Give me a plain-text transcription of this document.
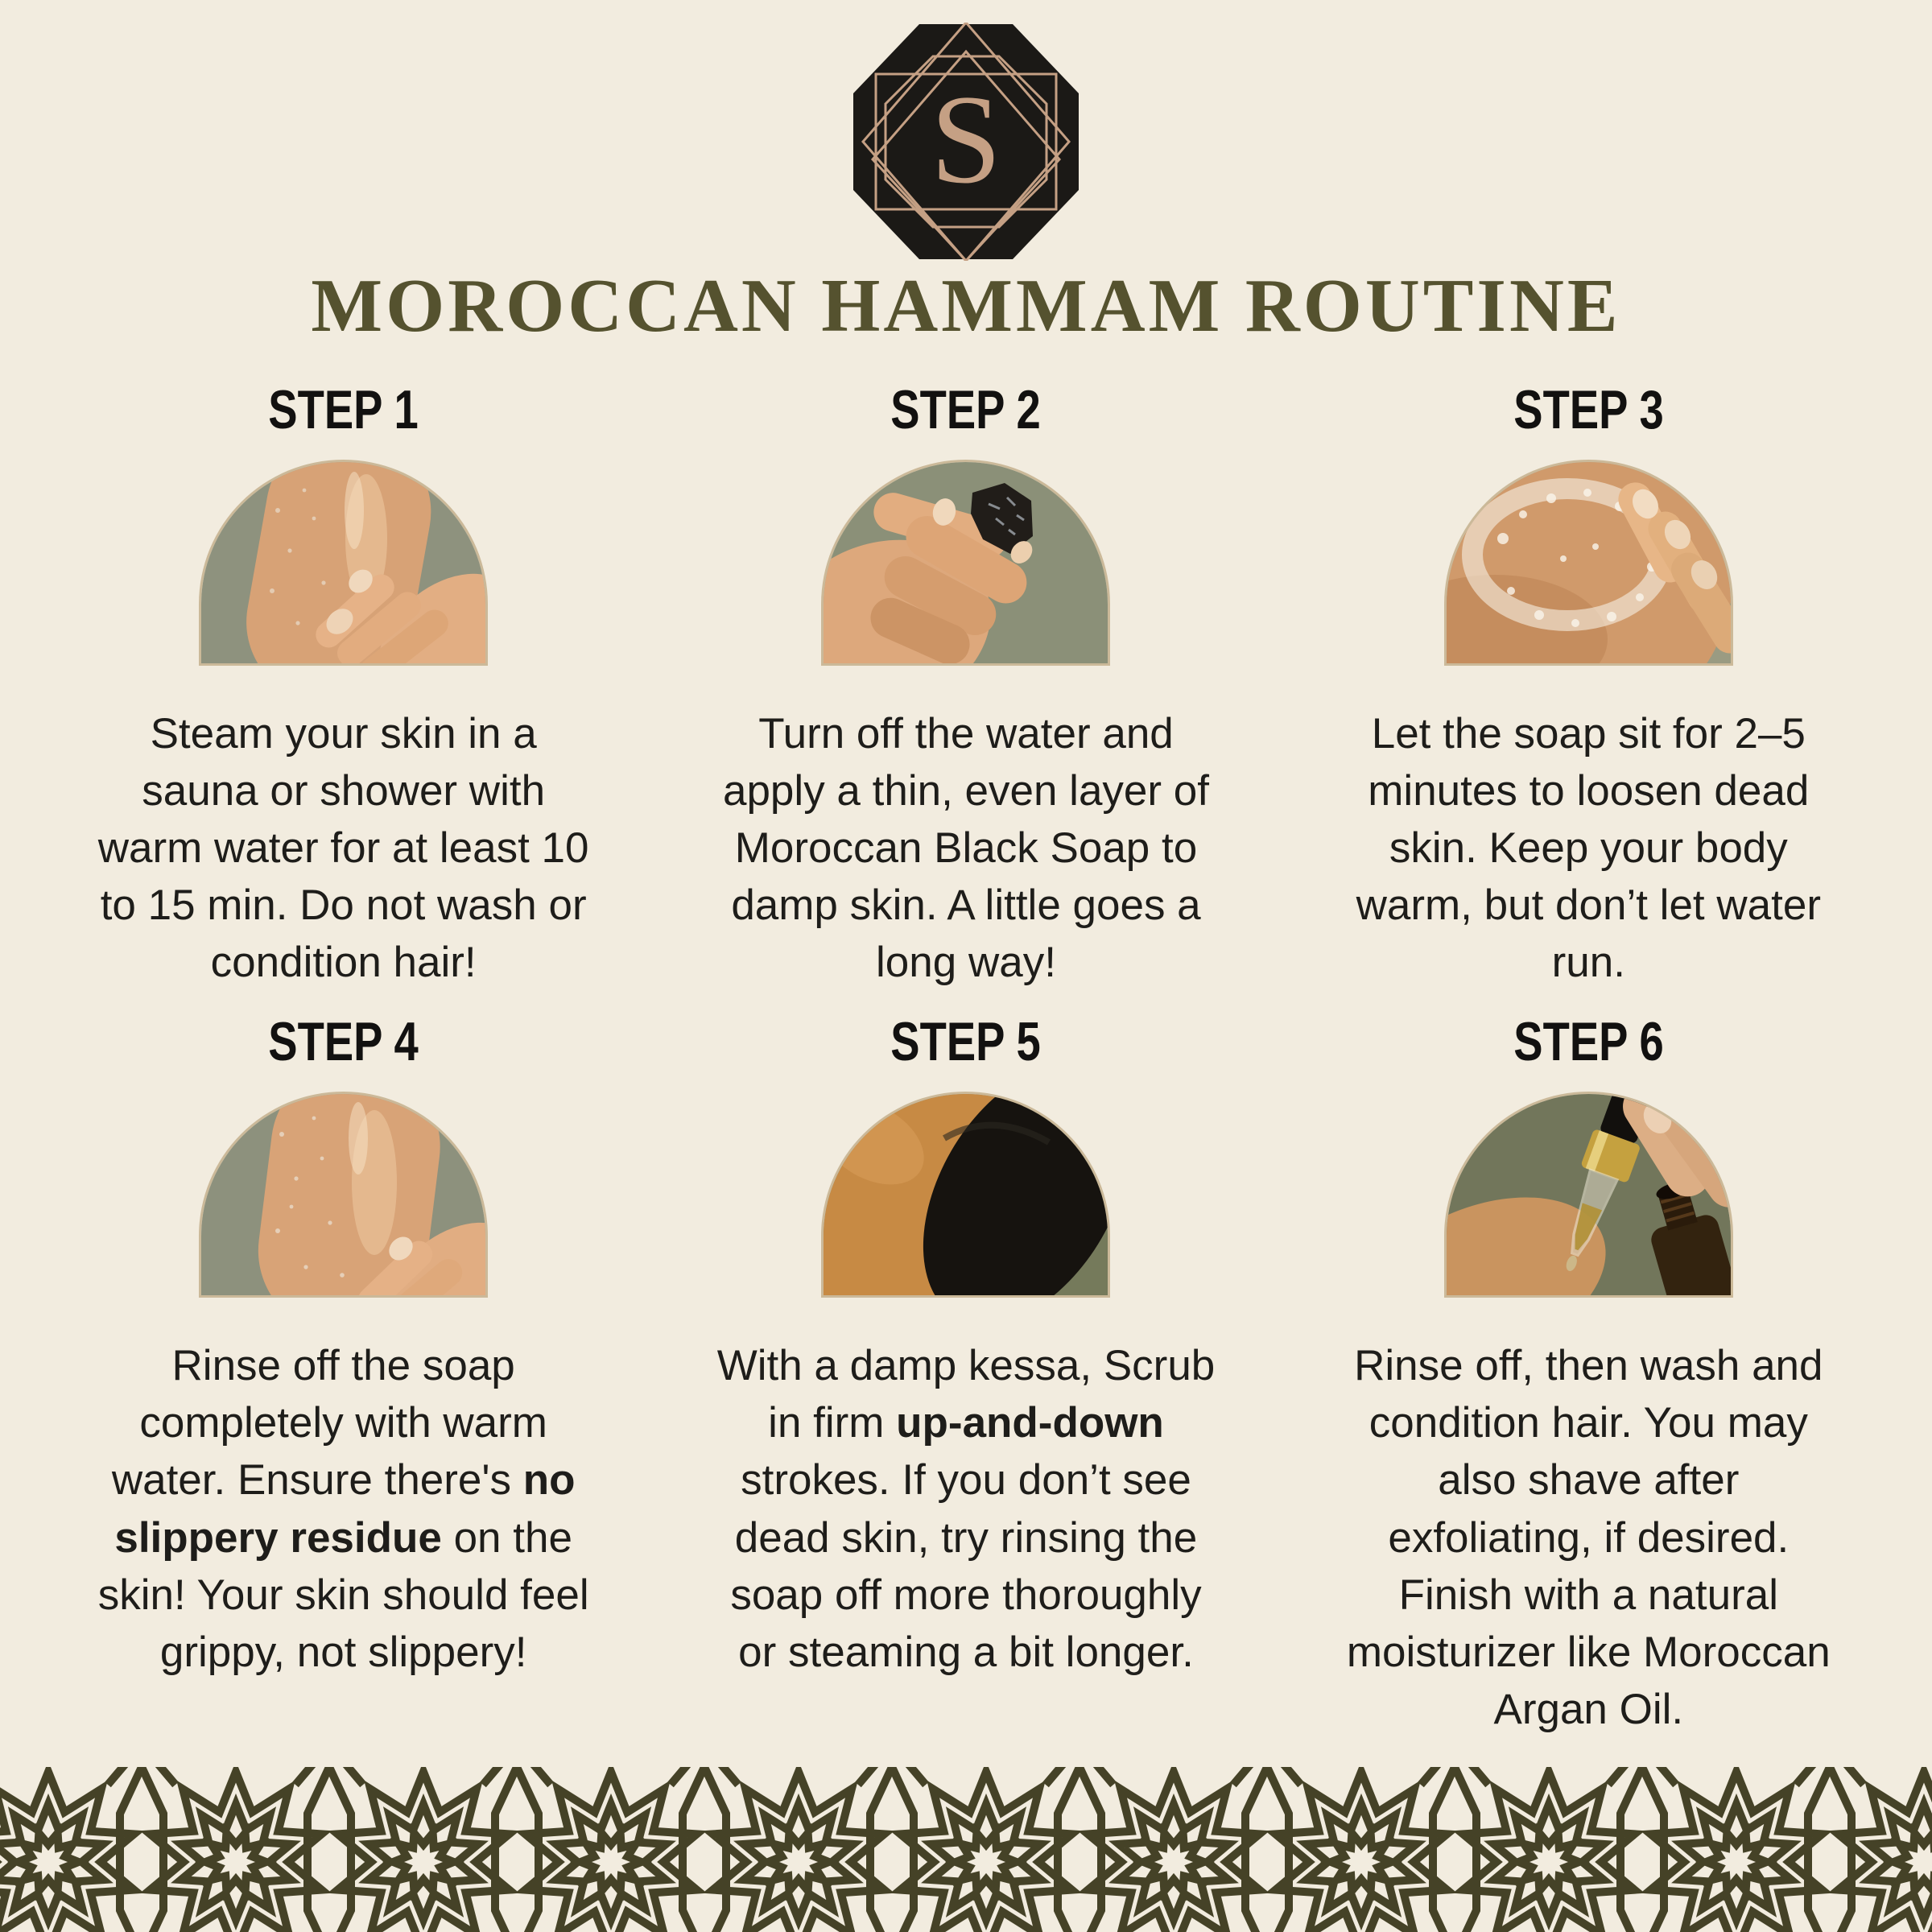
S
MOROCCAN HAMMAM ROUTINE
STEP 1

Steam your skin in a sauna or shower with warm water for at least 10 to 15 min. Do not wash or condition hair!

STEP 2

Turn off the water and apply a thin, even layer of Moroccan Black Soap to damp skin. A little goes a long way!

STEP 3

Let the soap sit for 2–5 minutes to loosen dead skin. Keep your body warm, but don’t let water run.

STEP 4

Rinse off the soap completely with warm water. Ensure there's no slippery residue on the skin! Your skin should feel grippy, not slippery!

STEP 5

With a damp kessa, Scrub in firm up-and-down strokes. If you don’t see dead skin, try rinsing the soap off more thoroughly or steaming a bit longer.

STEP 6

Rinse off, then wash and condition hair. You may also shave after exfoliating, if desired. Finish with a natural moisturizer like Moroccan Argan Oil.
